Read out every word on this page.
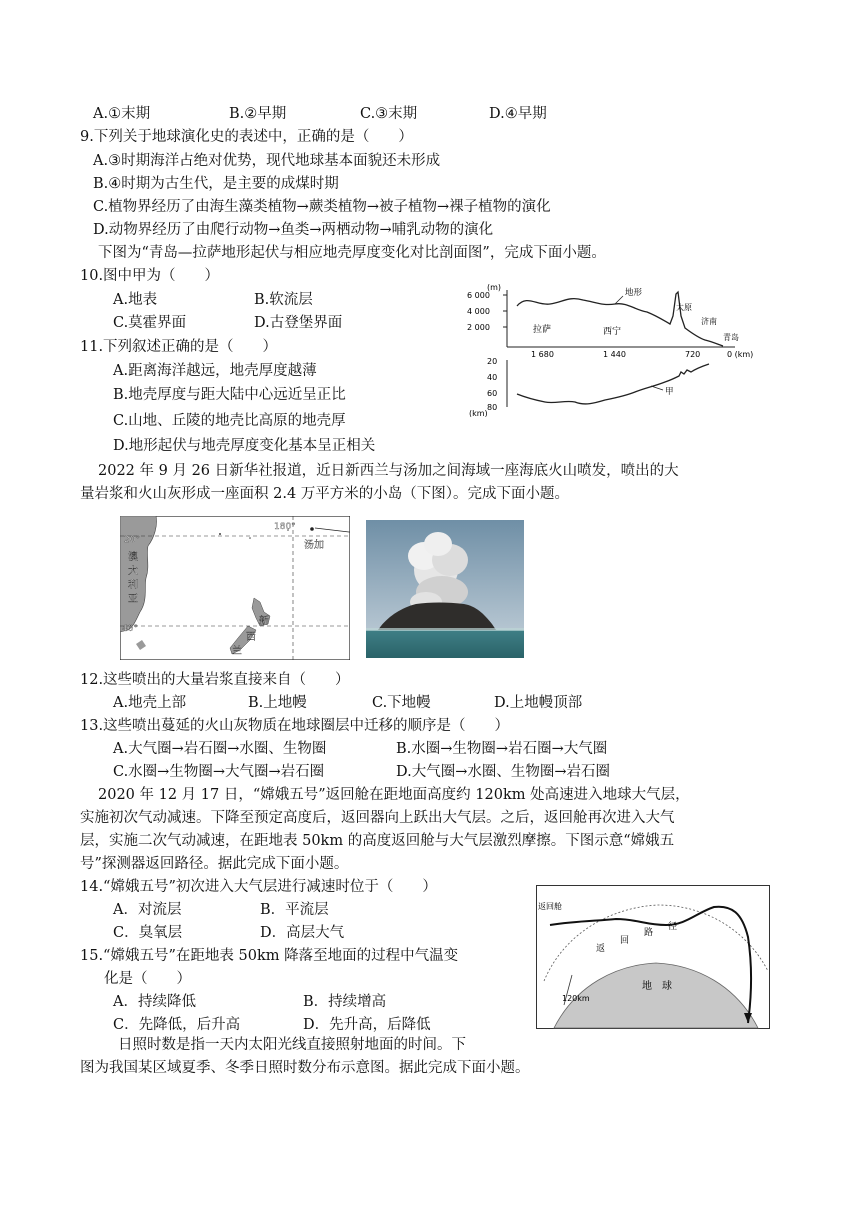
A.①末期	B.②早期	C.③末期	D.④早期
9.下列关于地球演化史的表述中，正确的是（　　）
A.③时期海洋占绝对优势，现代地球基本面貌还未形成
B.④时期为古生代，是主要的成煤时期
C.植物界经历了由海生藻类植物→蕨类植物→被子植物→裸子植物的演化
D.动物界经历了由爬行动物→鱼类→两栖动物→哺乳动物的演化
下图为“青岛—拉萨地形起伏与相应地壳厚度变化对比剖面图”，完成下面小题。
10.图中甲为（　　）
A.地表	B.软流层
C.莫霍界面	D.古登堡界面
11.下列叙述正确的是（　　）
A.距离海洋越远，地壳厚度越薄
B.地壳厚度与距大陆中心远近呈正比
C.山地、丘陵的地壳比高原的地壳厚
D.地形起伏与地壳厚度变化基本呈正相关
(m)
6 000
4 000
2 000
地形
拉萨	西宁
太原
济南
青岛
1 680	1 440	720	0 (km)
20
40
60
80
(km)
甲
2022 年 9 月 26 日新华社报道，近日新西兰与汤加之间海域一座海底火山喷发，喷出的大
量岩浆和火山灰形成一座面积 2.4 万平方米的小岛（下图）。完成下面小题。
180°
20°
40°
汤加
澳
大
利
亚
新
西
兰
12.这些喷出的大量岩浆直接来自（　　）
A.地壳上部	B.上地幔	C.下地幔	D.上地幔顶部
13.这些喷出蔓延的火山灰物质在地球圈层中迁移的顺序是（　　）
A.大气圈→岩石圈→水圈、生物圈	B.水圈→生物圈→岩石圈→大气圈
C.水圈→生物圈→大气圈→岩石圈	D.大气圈→水圈、生物圈→岩石圈
2020 年 12 月 17 日，“嫦娥五号”返回舱在距地面高度约 120km 处高速进入地球大气层，
实施初次气动减速。下降至预定高度后，返回器向上跃出大气层。之后，返回舱再次进入大气
层，实施二次气动减速，在距地表 50km 的高度返回舱与大气层激烈摩擦。下图示意“嫦娥五
号”探测器返回路径。据此完成下面小题。
14.“嫦娥五号”初次进入大气层进行减速时位于（　　）
A．对流层	B．平流层
C．臭氧层	D．高层大气
15.“嫦娥五号”在距地表 50km 降落至地面的过程中气温变
化是（　　）
A．持续降低	B．持续增高
C．先降低，后升高	D．先升高，后降低
返回舱
返
回
路
径
120km
地 球
日照时数是指一天内太阳光线直接照射地面的时间。下
图为我国某区域夏季、冬季日照时数分布示意图。据此完成下面小题。
